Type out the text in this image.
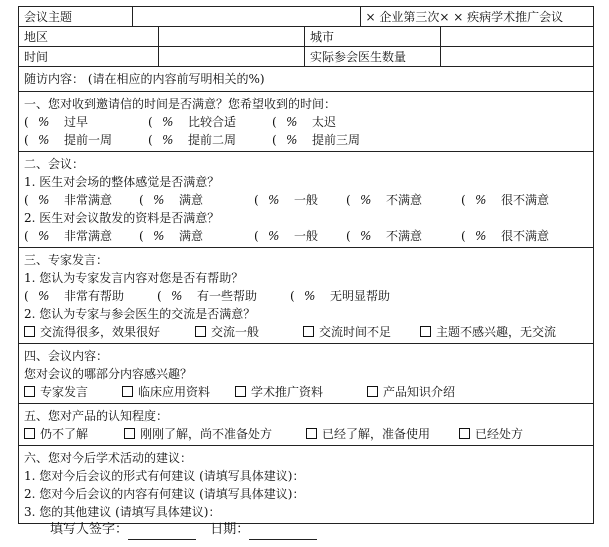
会议主题	× 企业第三次× × 疾病学术推广会议
地区	城市
时间	实际参会医生数量
随访内容： (请在相应的内容前写明相关的%)
一、您对收到邀请信的时间是否满意？您希望收到的时间：
( % 过早	( % 比较合适	( % 太迟
( % 提前一周	( % 提前二周	( % 提前三周
二、会议：
1. 医生对会场的整体感觉是否满意？
( % 非常满意	( % 满意	( % 一般	( % 不满意	( % 很不满意
2. 医生对会议散发的资料是否满意？
( % 非常满意	( % 满意	( % 一般	( % 不满意	( % 很不满意
三、专家发言：
1. 您认为专家发言内容对您是否有帮助？
( % 非常有帮助	( % 有一些帮助	( % 无明显帮助
2. 您认为专家与参会医生的交流是否满意？
交流得很多，效果很好	交流一般	交流时间不足	主题不感兴趣，无交流
四、会议内容：
您对会议的哪部分内容感兴趣？
专家发言	临床应用资料	学术推广资料	产品知识介绍
五、您对产品的认知程度：
仍不了解	刚刚了解，尚不准备处方	已经了解，准备使用	已经处方
六、您对今后学术活动的建议：
1. 您对今后会议的形式有何建议 (请填写具体建议)：
2. 您对今后会议的内容有何建议 (请填写具体建议)：
3. 您的其他建议 (请填写具体建议)：
填写人签字：	日期：
